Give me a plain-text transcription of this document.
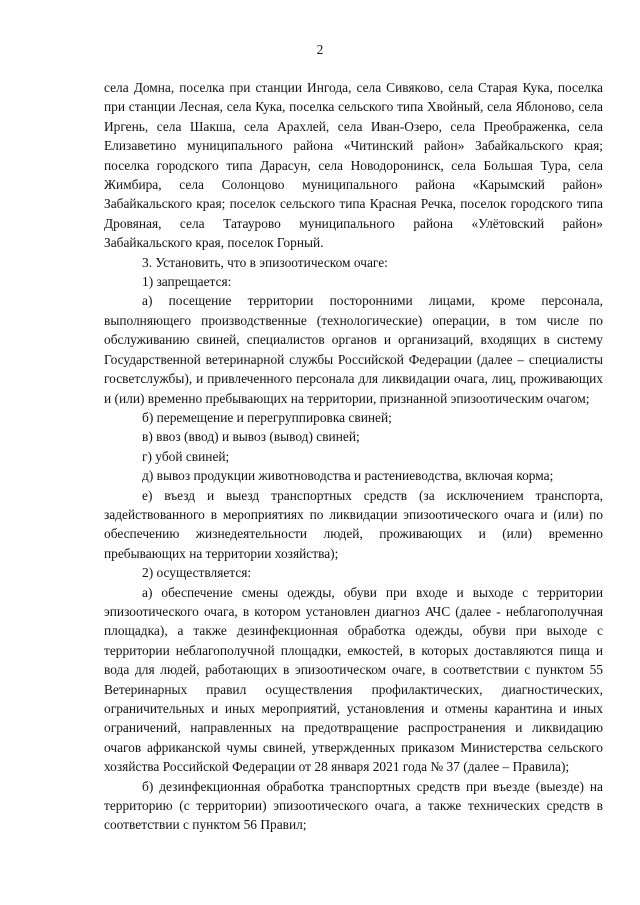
2

села Домна, поселка при станции Ингода, села Сивяково, села Старая Кука, поселка при станции Лесная, села Кука, поселка сельского типа Хвойный, села Яблоново, села Иргень, села Шакша, села Арахлей, села Иван-Озеро, села Преображенка, села Елизаветино муниципального района «Читинский район» Забайкальского края; поселка городского типа Дарасун, села Новодоронинск, села Большая Тура, села Жимбира, села Солонцово муниципального района «Карымский район» Забайкальского края; поселок сельского типа Красная Речка, поселок городского типа Дровяная, села Татаурово муниципального района «Улётовский район» Забайкальского края, поселок Горный.

3. Установить, что в эпизоотическом очаге:

1) запрещается:

а) посещение территории посторонними лицами, кроме персонала, выполняющего производственные (технологические) операции, в том числе по обслуживанию свиней, специалистов органов и организаций, входящих в систему Государственной ветеринарной службы Российской Федерации (далее – специалисты госветслужбы), и привлеченного персонала для ликвидации очага, лиц, проживающих и (или) временно пребывающих на территории, признанной эпизоотическим очагом;

б) перемещение и перегруппировка свиней;

в) ввоз (ввод) и вывоз (вывод) свиней;

г) убой свиней;

д) вывоз продукции животноводства и растениеводства, включая корма;

е) въезд и выезд транспортных средств (за исключением транспорта, задействованного в мероприятиях по ликвидации эпизоотического очага и (или) по обеспечению жизнедеятельности людей, проживающих и (или) временно пребывающих на территории хозяйства);

2) осуществляется:

а) обеспечение смены одежды, обуви при входе и выходе с территории эпизоотического очага, в котором установлен диагноз АЧС (далее - неблагополучная площадка), а также дезинфекционная обработка одежды, обуви при выходе с территории неблагополучной площадки, емкостей, в которых доставляются пища и вода для людей, работающих в эпизоотическом очаге, в соответствии с пунктом 55 Ветеринарных правил осуществления профилактических, диагностических, ограничительных и иных мероприятий, установления и отмены карантина и иных ограничений, направленных на предотвращение распространения и ликвидацию очагов африканской чумы свиней, утвержденных приказом Министерства сельского хозяйства Российской Федерации от 28 января 2021 года № 37 (далее – Правила);

б) дезинфекционная обработка транспортных средств при въезде (выезде) на территорию (с территории) эпизоотического очага, а также технических средств в соответствии с пунктом 56 Правил;
